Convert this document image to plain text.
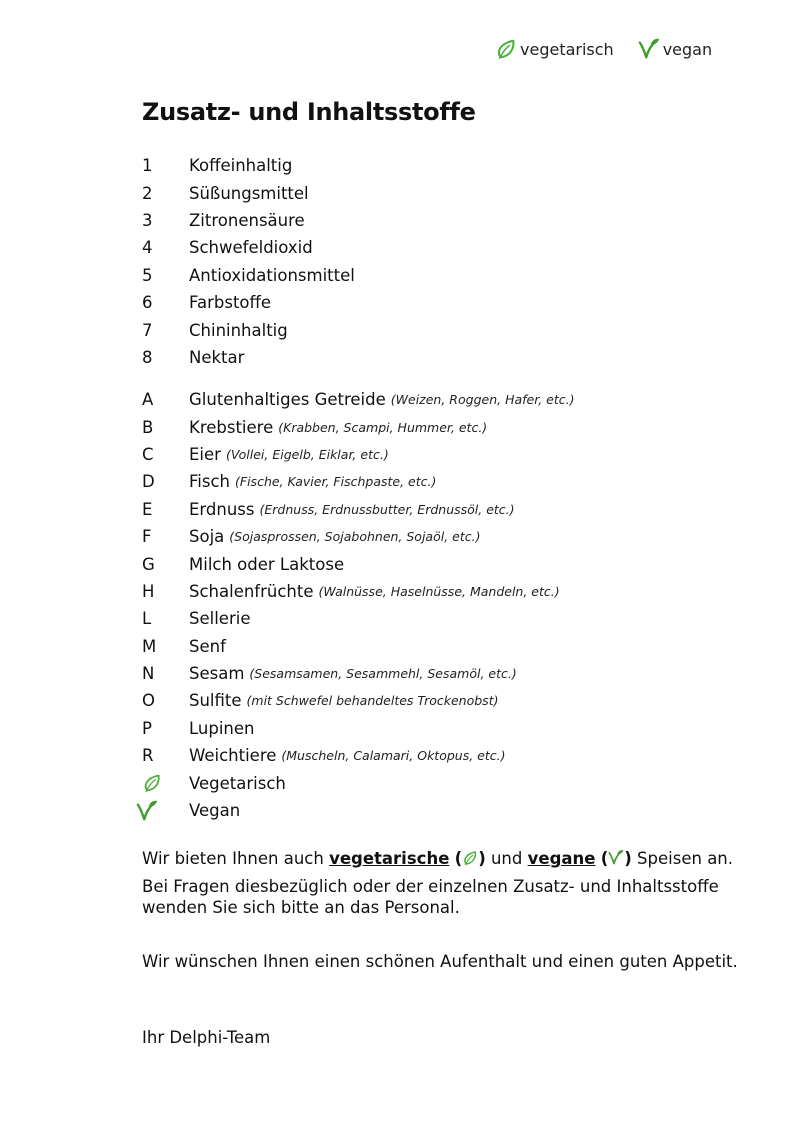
vegetarisch	vegan
Zusatz- und Inhaltsstoffe
1	Koffeinhaltig
2	Süßungsmittel
3	Zitronensäure
4	Schwefeldioxid
5	Antioxidationsmittel
6	Farbstoffe
7	Chininhaltig
8	Nektar
A	Glutenhaltiges Getreide (Weizen, Roggen, Hafer, etc.)
B	Krebstiere (Krabben, Scampi, Hummer, etc.)
C	Eier (Vollei, Eigelb, Eiklar, etc.)
D	Fisch (Fische, Kavier, Fischpaste, etc.)
E	Erdnuss (Erdnuss, Erdnussbutter, Erdnussöl, etc.)
F	Soja (Sojasprossen, Sojabohnen, Sojaöl, etc.)
G	Milch oder Laktose
H	Schalenfrüchte (Walnüsse, Haselnüsse, Mandeln, etc.)
L	Sellerie
M	Senf
N	Sesam (Sesamsamen, Sesammehl, Sesamöl, etc.)
O	Sulfite (mit Schwefel behandeltes Trockenobst)
P	Lupinen
R	Weichtiere (Muscheln, Calamari, Oktopus, etc.)
Vegetarisch
Vegan

Wir bieten Ihnen auch vegetarische ( ) und vegane ( ) Speisen an.

Bei Fragen diesbezüglich oder der einzelnen Zusatz- und Inhaltsstoffe wenden Sie sich bitte an das Personal.

Wir wünschen Ihnen einen schönen Aufenthalt und einen guten Appetit.

Ihr Delphi-Team
